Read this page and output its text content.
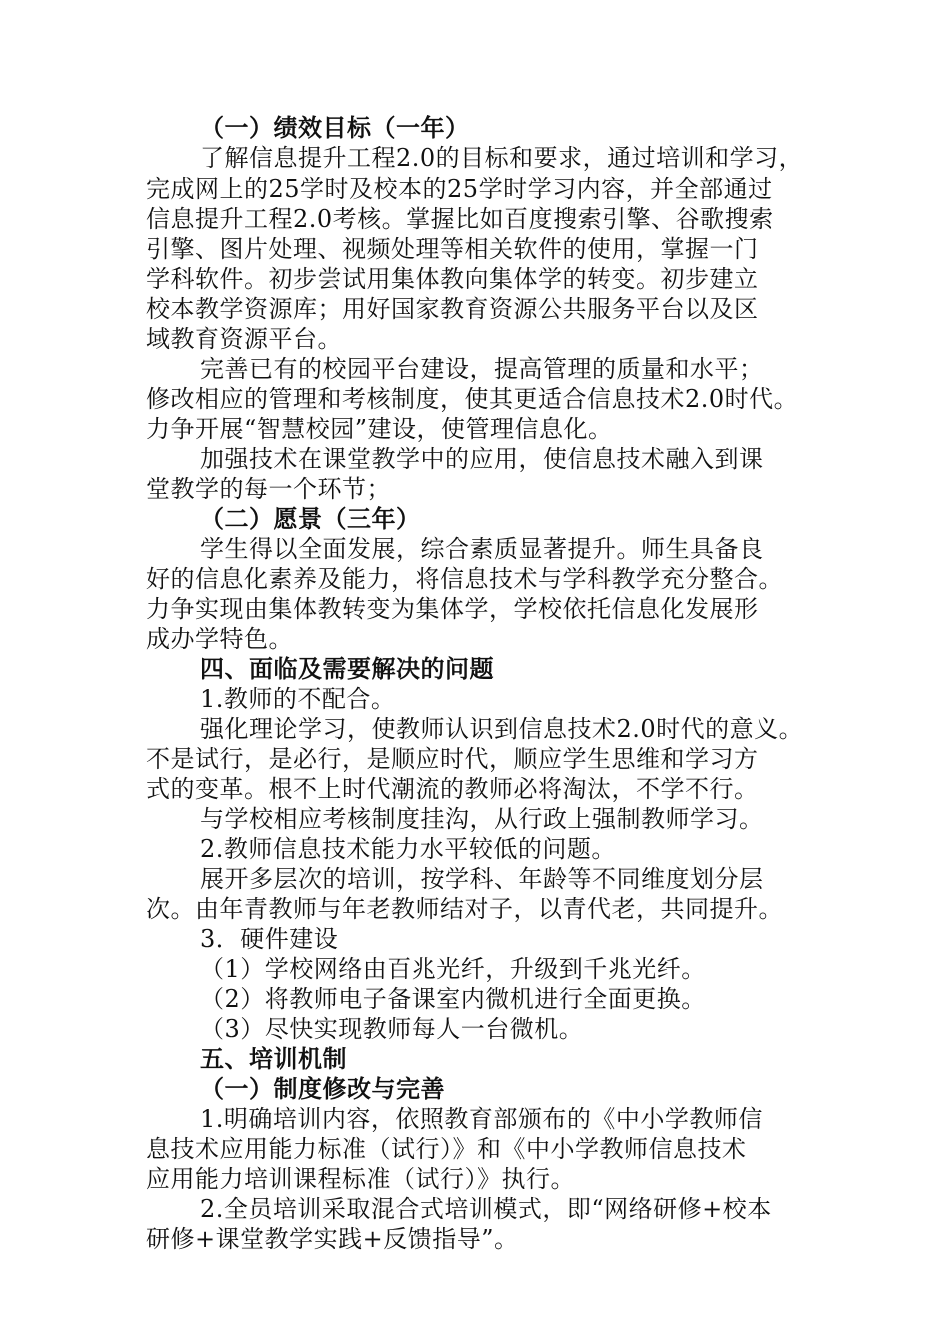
（一）绩效目标（一年）
了解信息提升工程2.0的目标和要求，通过培训和学习，
完成网上的25学时及校本的25学时学习内容，并全部通过
信息提升工程2.0考核。掌握比如百度搜索引擎、谷歌搜索
引擎、图片处理、视频处理等相关软件的使用，掌握一门
学科软件。初步尝试用集体教向集体学的转变。初步建立
校本教学资源库；用好国家教育资源公共服务平台以及区
域教育资源平台。
完善已有的校园平台建设，提高管理的质量和水平；
修改相应的管理和考核制度，使其更适合信息技术2.0时代。
力争开展“智慧校园”建设，使管理信息化。
加强技术在课堂教学中的应用，使信息技术融入到课
堂教学的每一个环节；
（二）愿景（三年）
学生得以全面发展，综合素质显著提升。师生具备良
好的信息化素养及能力，将信息技术与学科教学充分整合。
力争实现由集体教转变为集体学，学校依托信息化发展形
成办学特色。
四、面临及需要解决的问题
1.教师的不配合。
强化理论学习，使教师认识到信息技术2.0时代的意义。
不是试行，是必行，是顺应时代，顺应学生思维和学习方
式的变革。根不上时代潮流的教师必将淘汰，不学不行。
与学校相应考核制度挂沟，从行政上强制教师学习。
2.教师信息技术能力水平较低的问题。
展开多层次的培训，按学科、年龄等不同维度划分层
次。由年青教师与年老教师结对子，以青代老，共同提升。
3．硬件建设
（1）学校网络由百兆光纤，升级到千兆光纤。
（2）将教师电子备课室内微机进行全面更换。
（3）尽快实现教师每人一台微机。
五、培训机制
（一）制度修改与完善
1.明确培训内容，依照教育部颁布的《中小学教师信
息技术应用能力标准（试行）》和《中小学教师信息技术
应用能力培训课程标准（试行）》执行。
2.全员培训采取混合式培训模式，即“网络研修+校本
研修+课堂教学实践+反馈指导”。
